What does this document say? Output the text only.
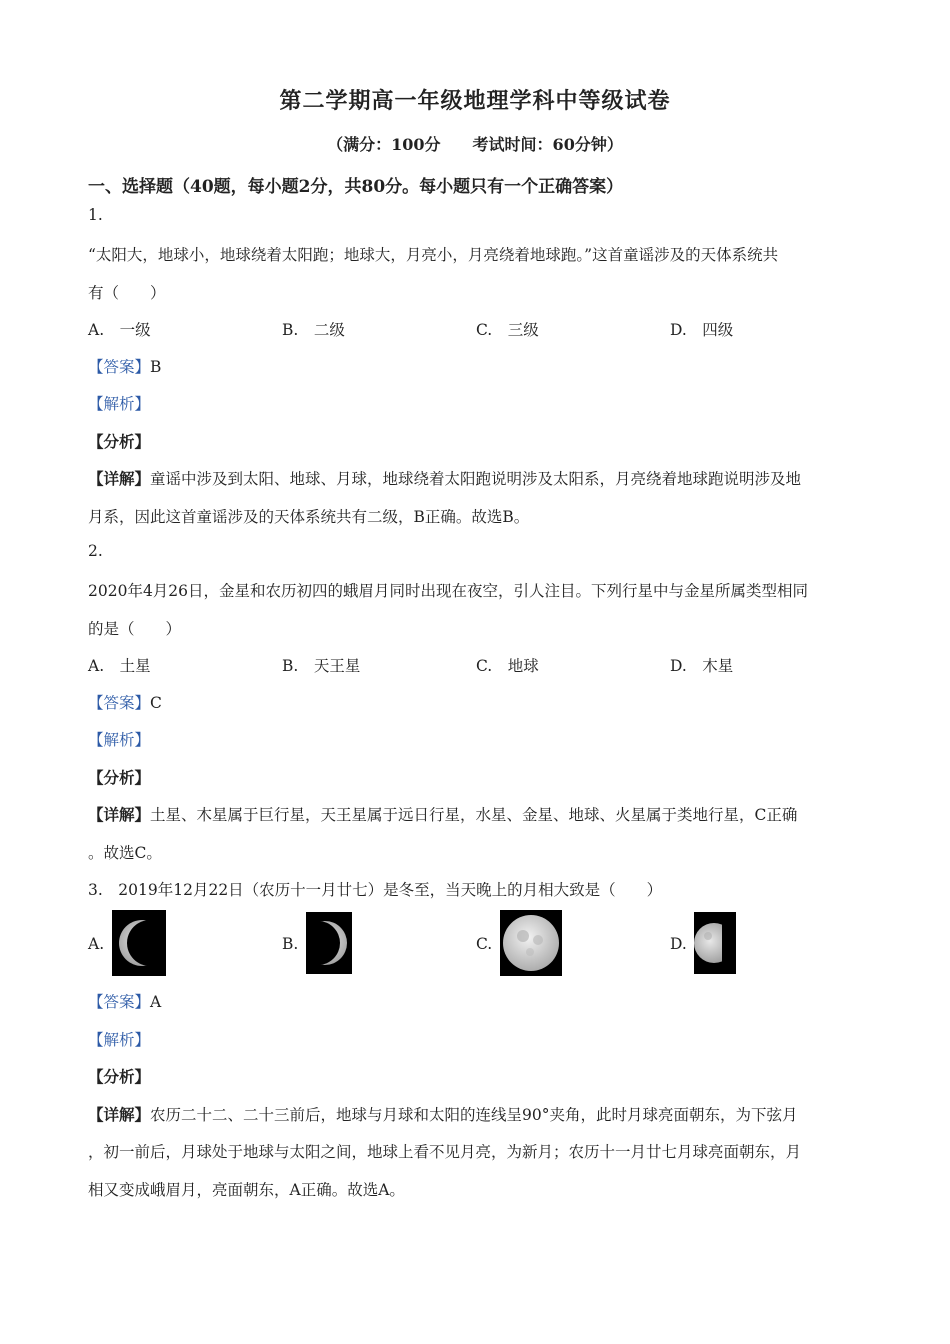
第二学期高一年级地理学科中等级试卷
（满分：100分　　考试时间：60分钟）
一、选择题（40题，每小题2分，共80分。每小题只有一个正确答案）
1.
“太阳大，地球小，地球绕着太阳跑；地球大，月亮小，月亮绕着地球跑。”这首童谣涉及的天体系统共
有（　　）
A.　一级	B.　二级	C.　三级	D.　四级
【答案】B
【解析】
【分析】
【详解】童谣中涉及到太阳、地球、月球，地球绕着太阳跑说明涉及太阳系，月亮绕着地球跑说明涉及地
月系，因此这首童谣涉及的天体系统共有二级，B正确。故选B。
2.
2020年4月26日，金星和农历初四的蛾眉月同时出现在夜空，引人注目。下列行星中与金星所属类型相同
的是（　　）
A.　土星	B.　天王星	C.　地球	D.　木星
【答案】C
【解析】
【分析】
【详解】土星、木星属于巨行星，天王星属于远日行星，水星、金星、地球、火星属于类地行星，C正确
。故选C。
3.　2019年12月22日（农历十一月廿七）是冬至，当天晚上的月相大致是（　　）
A.	B.	C.	D.
【答案】A
【解析】
【分析】
【详解】农历二十二、二十三前后，地球与月球和太阳的连线呈90°夹角，此时月球亮面朝东，为下弦月
，初一前后，月球处于地球与太阳之间，地球上看不见月亮，为新月；农历十一月廿七月球亮面朝东，月
相又变成峨眉月，亮面朝东，A正确。故选A。
